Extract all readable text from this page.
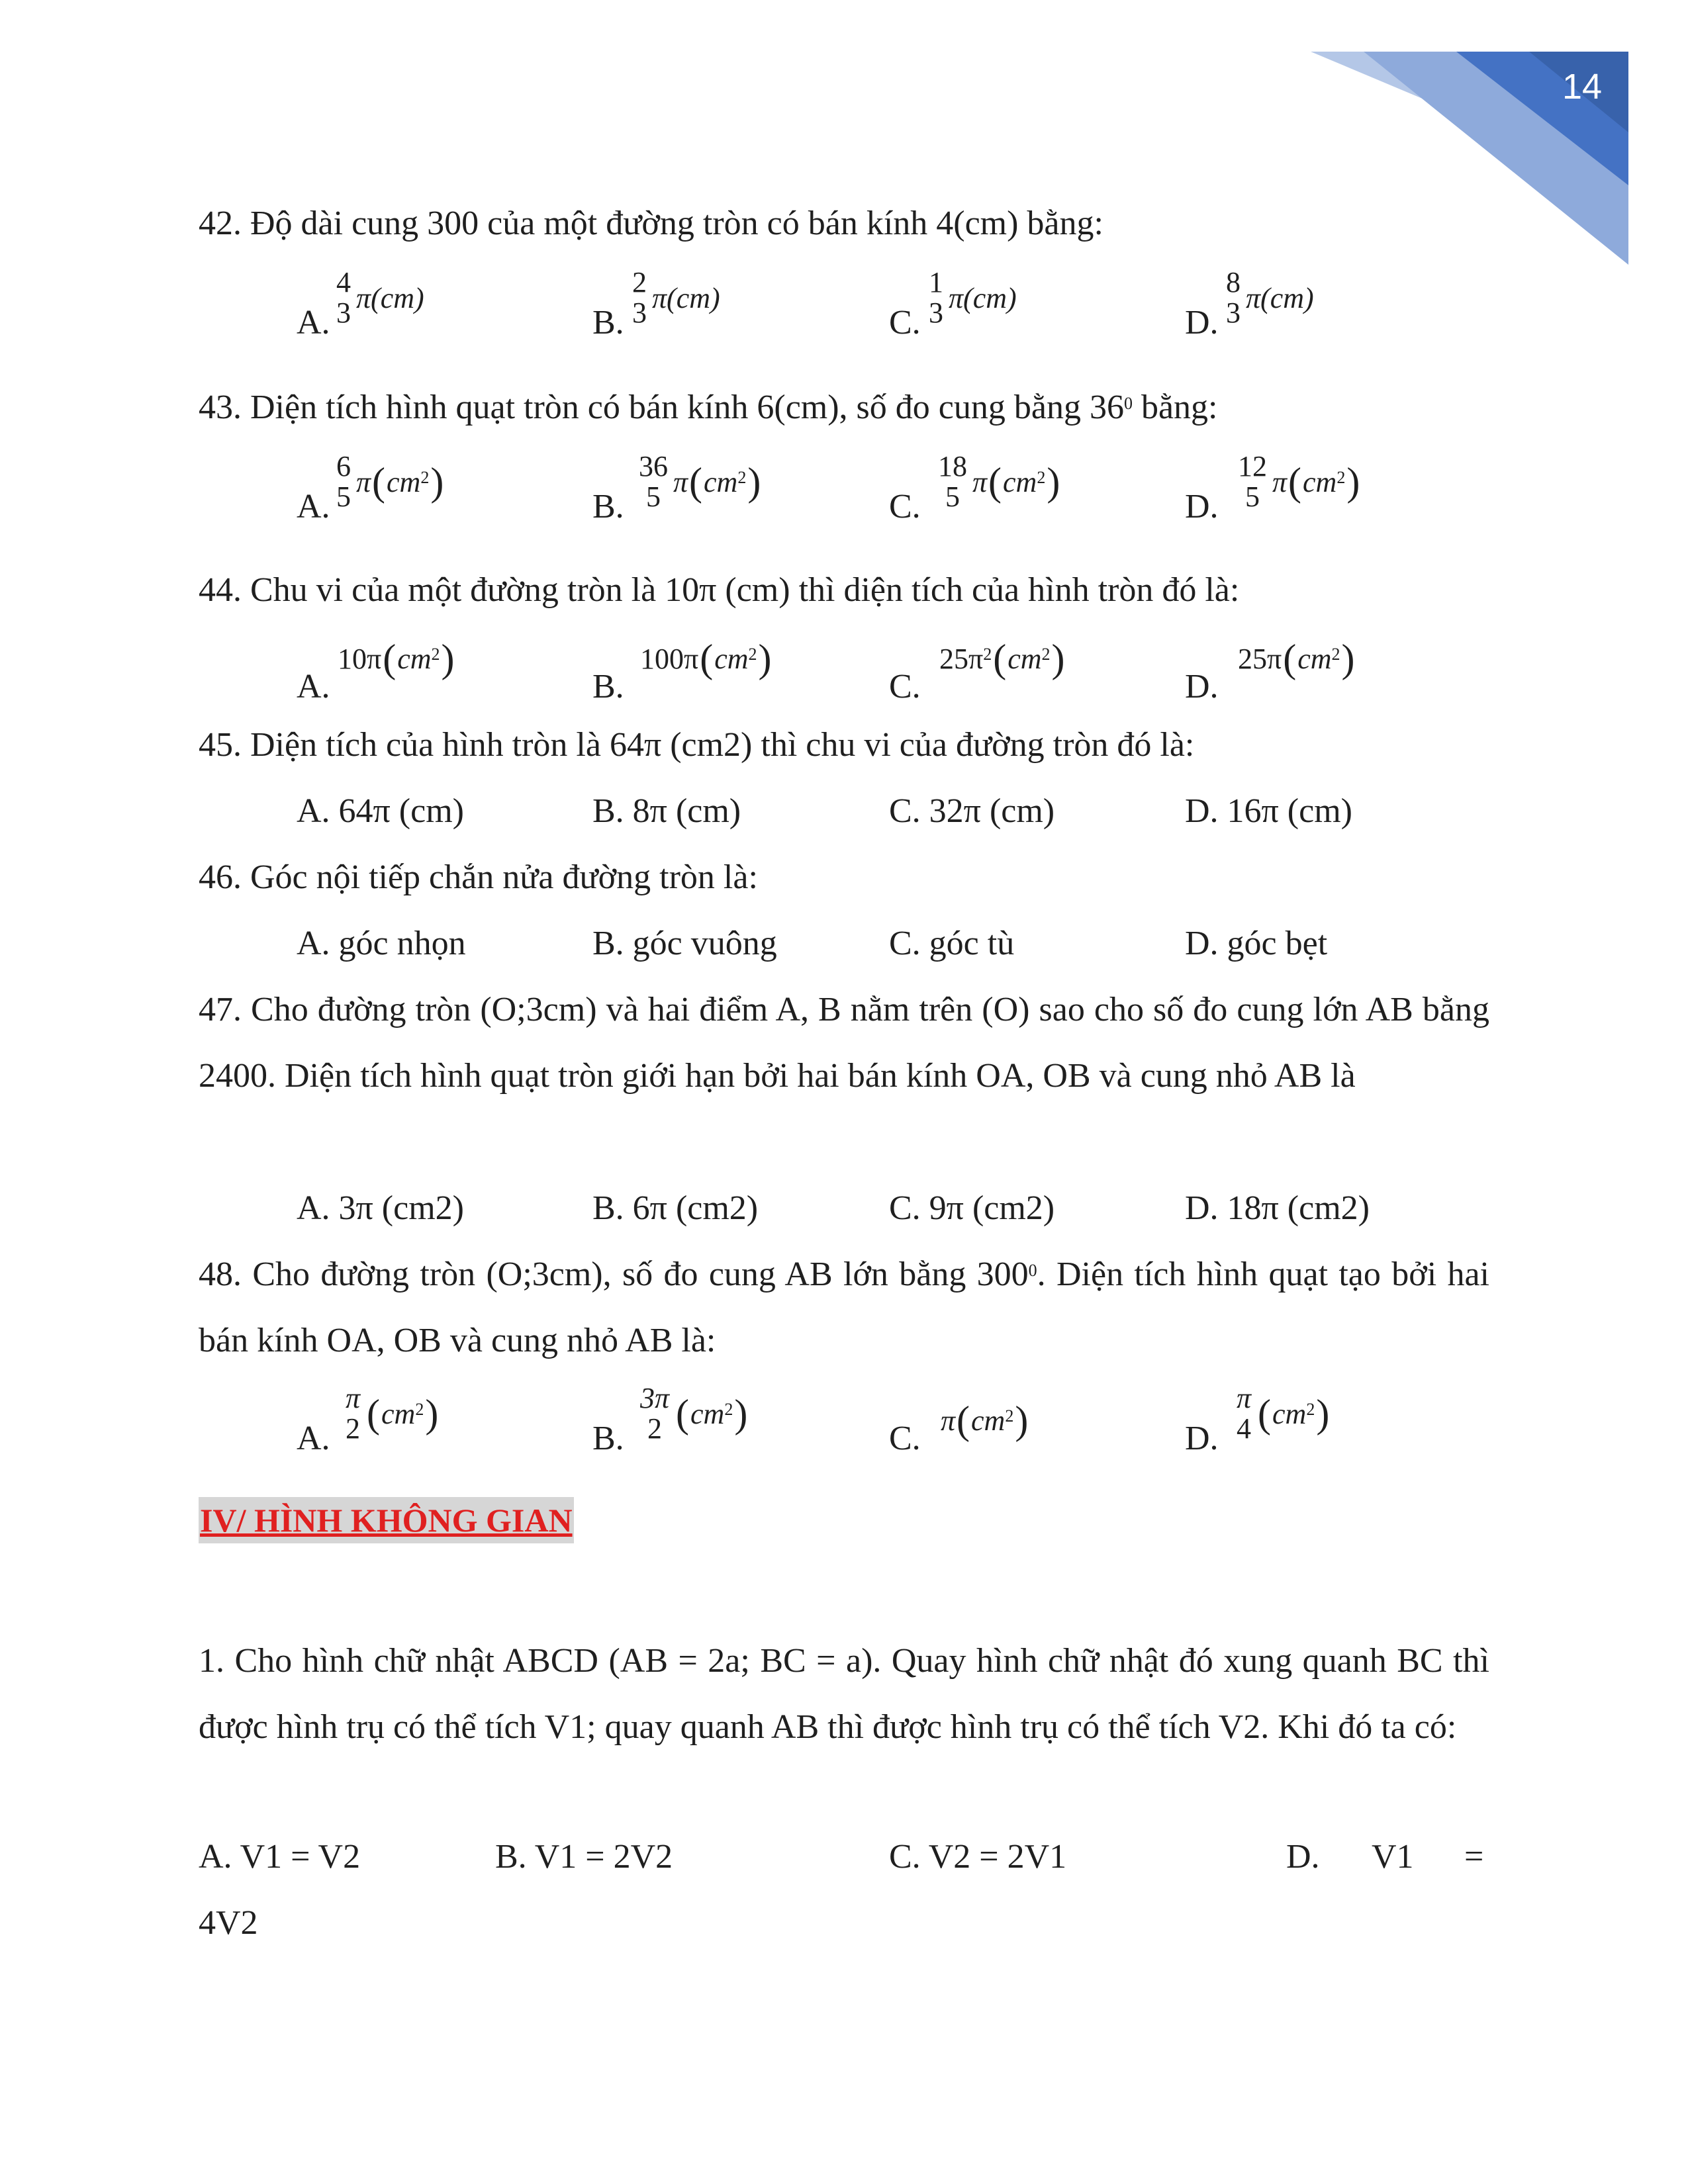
14
42. Độ dài cung 300 của một đường tròn có bán kính 4(cm) bằng:
A.
4
3 π(cm)
B.
2
3 π(cm)
C.
1
3 π(cm)
D.
8
3 π(cm)
43. Diện tích hình quạt tròn có bán kính 6(cm), số đo cung bằng $36^0$ bằng:
A.
6
5 π ( $cm^2$ )
B.
36
5 π ( $cm^2$ )
C.
18
5 π ( $cm^2$ )
D.
12
5 π ( $cm^2$ )
44. Chu vi của một đường tròn là 10π (cm) thì diện tích của hình tròn đó là:
A.
10π ( $cm^2$ )
B.
100π ( $cm^2$ )
C.
$25\pi^2$ ( $cm^2$ )
D.
25π ( $cm^2$ )
45. Diện tích của hình tròn là 64π (cm2) thì chu vi của đường tròn đó là:
A. 64π (cm)	B. 8π (cm)	C. 32π (cm)	D. 16π (cm)
46. Góc nội tiếp chắn nửa đường tròn là:
A. góc nhọn	B. góc vuông	C. góc tù	D. góc bẹt
47. Cho đường tròn (O;3cm) và hai điểm A, B nằm trên (O) sao cho số đo cung lớn AB bằng 2400. Diện tích hình quạt tròn giới hạn bởi hai bán kính OA, OB và cung nhỏ AB là
A. 3π (cm2)	B. 6π (cm2)	C. 9π (cm2)	D. 18π (cm2)
48. Cho đường tròn (O;3cm), số đo cung AB lớn bằng $300^0$. Diện tích hình quạt tạo bởi hai bán kính OA, OB và cung nhỏ AB là:
A.
π
2 ( $cm^2$ )
B.
3π
2 ( $cm^2$ )
C. π ( $cm^2$ )	D.
π
4 ( $cm^2$ )
IV/ HÌNH KHÔNG GIAN
1. Cho hình chữ nhật ABCD (AB = 2a; BC = a). Quay hình chữ nhật đó xung quanh BC thì được hình trụ có thể tích V1; quay quanh AB thì được hình trụ có thể tích V2. Khi đó ta có:
A. V1 = V2	B. V1 = 2V2	C. V2 = 2V1	D. V1 =
4V2
